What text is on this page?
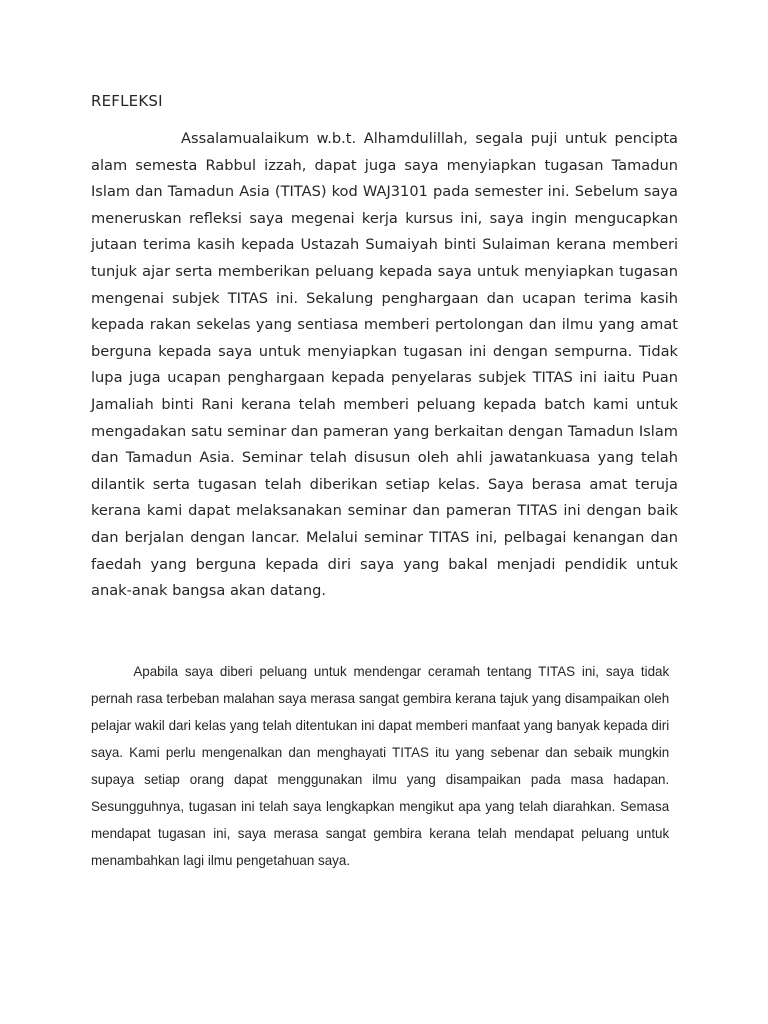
REFLEKSI

Assalamualaikum w.b.t. Alhamdulillah, segala puji untuk pencipta alam semesta Rabbul izzah, dapat juga saya menyiapkan tugasan Tamadun Islam dan Tamadun Asia (TITAS) kod WAJ3101 pada semester ini. Sebelum saya meneruskan refleksi saya megenai kerja kursus ini, saya ingin mengucapkan jutaan terima kasih kepada Ustazah Sumaiyah binti Sulaiman kerana memberi tunjuk ajar serta memberikan peluang kepada saya untuk menyiapkan tugasan mengenai subjek TITAS ini. Sekalung penghargaan dan ucapan terima kasih kepada rakan sekelas yang sentiasa memberi pertolongan dan ilmu yang amat berguna kepada saya untuk menyiapkan tugasan ini dengan sempurna. Tidak lupa juga ucapan penghargaan kepada penyelaras subjek TITAS ini iaitu Puan Jamaliah binti Rani kerana telah memberi peluang kepada batch kami untuk mengadakan satu seminar dan pameran yang berkaitan dengan Tamadun Islam dan Tamadun Asia. Seminar telah disusun oleh ahli jawatankuasa yang telah dilantik serta tugasan telah diberikan setiap kelas. Saya berasa amat teruja kerana kami dapat melaksanakan seminar dan pameran TITAS ini dengan baik dan berjalan dengan lancar. Melalui seminar TITAS ini, pelbagai kenangan dan faedah yang berguna kepada diri saya yang bakal menjadi pendidik untuk anak-anak bangsa akan datang.

Apabila saya diberi peluang untuk mendengar ceramah tentang TITAS ini, saya tidak pernah rasa terbeban malahan saya merasa sangat gembira kerana tajuk yang disampaikan oleh pelajar wakil dari kelas yang telah ditentukan ini dapat memberi manfaat yang banyak kepada diri saya. Kami perlu mengenalkan dan menghayati TITAS itu yang sebenar dan sebaik mungkin supaya setiap orang dapat menggunakan ilmu yang disampaikan pada masa hadapan. Sesungguhnya, tugasan ini telah saya lengkapkan mengikut apa yang telah diarahkan. Semasa mendapat tugasan ini, saya merasa sangat gembira kerana telah mendapat peluang untuk menambahkan lagi ilmu pengetahuan saya.
